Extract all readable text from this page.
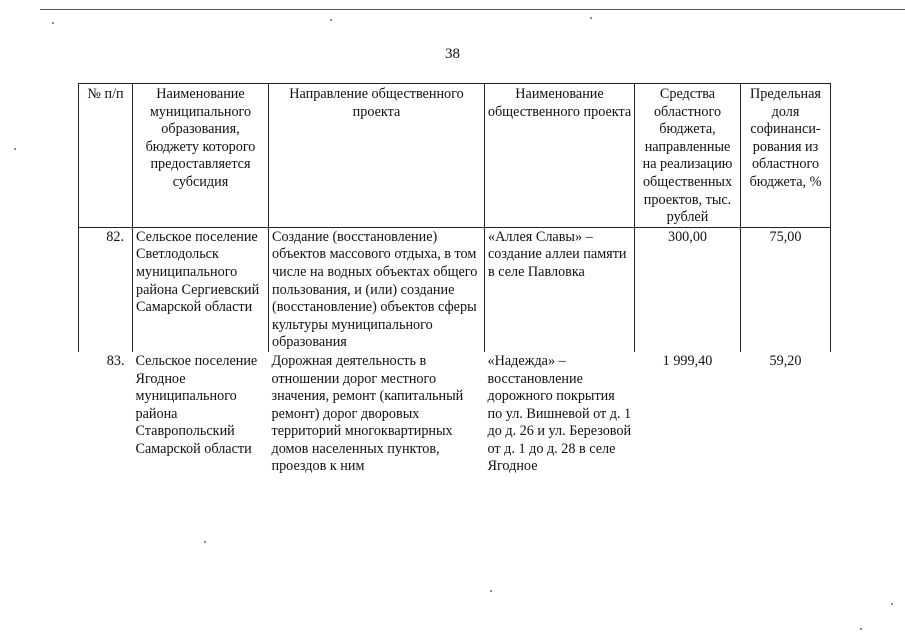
38
№ п/п	Наименование муниципального образования, бюджету которого предоставляется субсидия	Направление общественного проекта	Наименование общественного проекта	Средства областного бюджета, направленные на реализацию общественных проектов, тыс. рублей	Предельная доля софинанси-рования из областного бюджета, %
82.	Сельское поселение Светлодольск муниципального района Сергиевский Самарской области	Создание (восстановление) объектов массового отдыха, в том числе на водных объектах общего пользования, и (или) создание (восстановление) объектов сферы культуры муниципального образования	«Аллея Славы» – создание аллеи памяти в селе Павловка	300,00	75,00
83.	Сельское поселение Ягодное муниципального района Ставропольский Самарской области	Дорожная деятельность в отношении дорог местного значения, ремонт (капитальный ремонт) дорог дворовых территорий многоквартирных домов населенных пунктов, проездов к ним	«Надежда» – восстановление дорожного покрытия по ул. Вишневой от д. 1 до д. 26 и ул. Березовой от д. 1 до д. 28 в селе Ягодное	1 999,40	59,20
